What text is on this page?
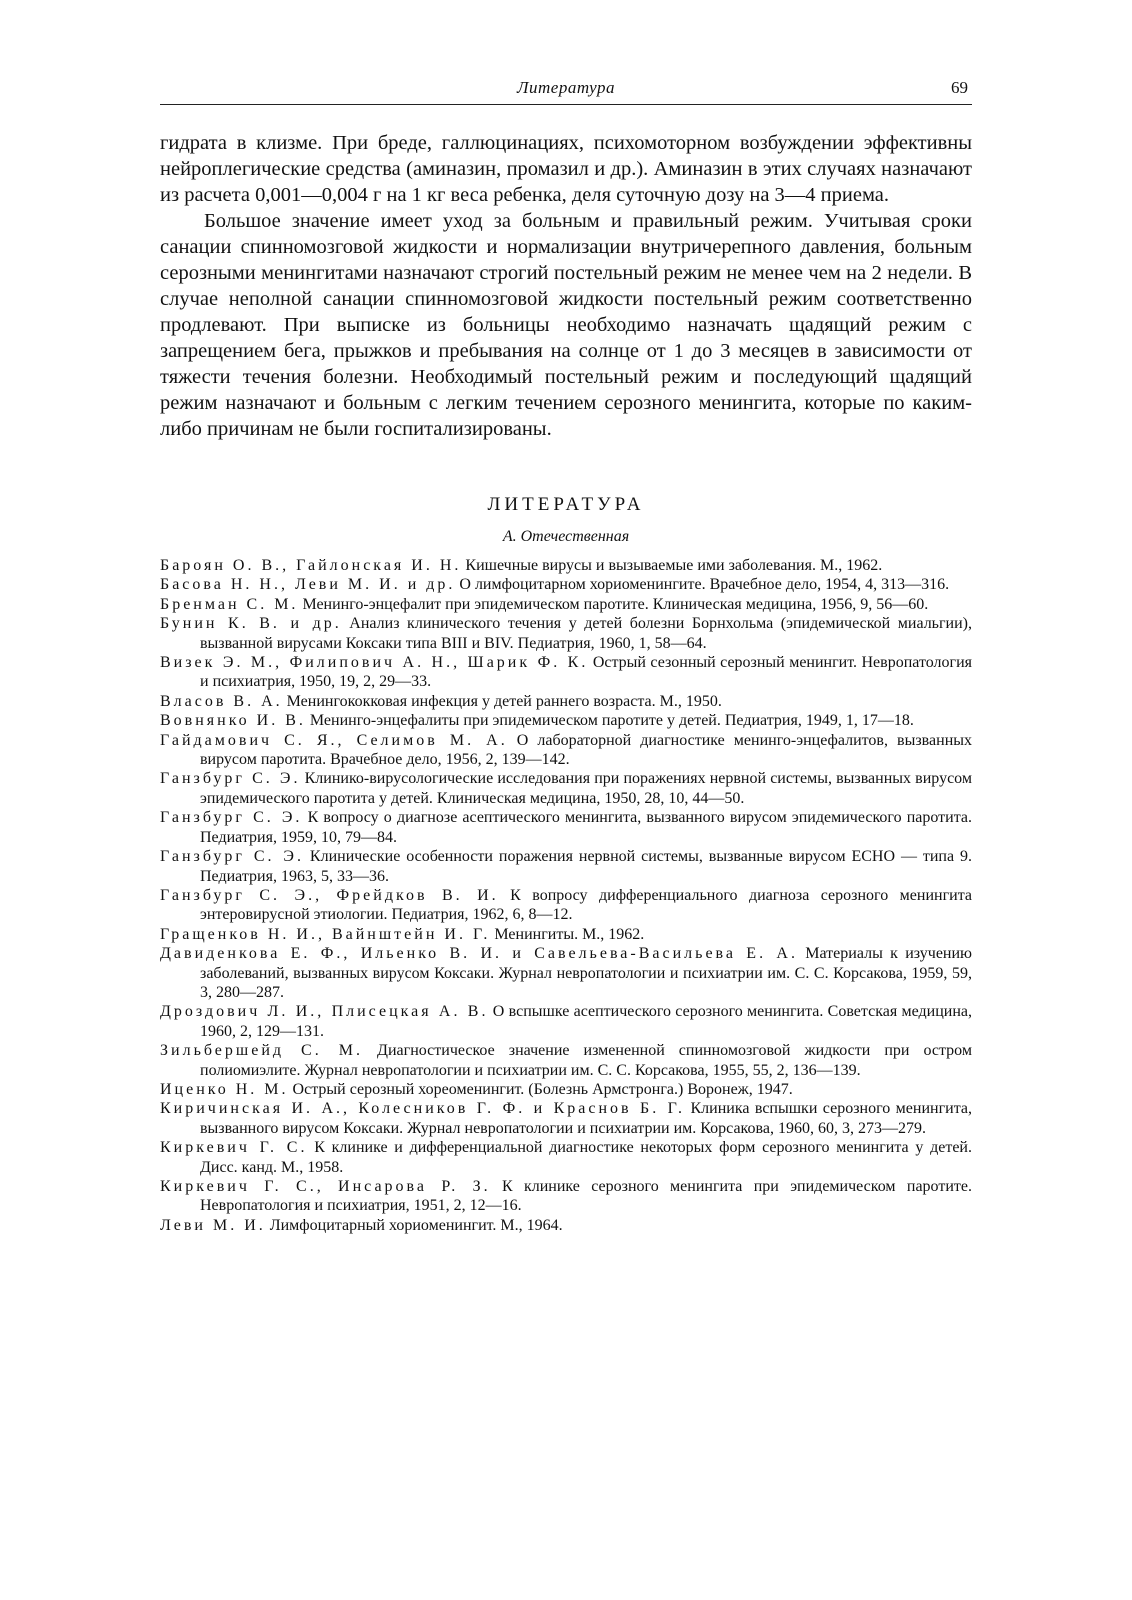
Литература	69

гидрата в клизме. При бреде, галлюцинациях, психомоторном возбуждении эффективны нейроплегические средства (аминазин, промазил и др.). Аминазин в этих случаях назначают из расчета 0,001—0,004 г на 1 кг веса ребенка, деля суточную дозу на 3—4 приема.

Большое значение имеет уход за больным и правильный режим. Учитывая сроки санации спинномозговой жидкости и нормализации внутричерепного давления, больным серозными менингитами назначают строгий постельный режим не менее чем на 2 недели. В случае неполной санации спинномозговой жидкости постельный режим соответственно продлевают. При выписке из больницы необходимо назначать щадящий режим с запрещением бега, прыжков и пребывания на солнце от 1 до 3 месяцев в зависимости от тяжести течения болезни. Необходимый постельный режим и последующий щадящий режим назначают и больным с легким течением серозного менингита, которые по каким-либо причинам не были госпитализированы.

ЛИТЕРАТУРА
А. Отечественная

Бароян О. В., Гайлонская И. Н. Кишечные вирусы и вызываемые ими заболевания. М., 1962.

Басова Н. Н., Леви М. И. и др. О лимфоцитарном хориоменингите. Врачебное дело, 1954, 4, 313—316.

Бренман С. М. Менинго-энцефалит при эпидемическом паротите. Клиническая медицина, 1956, 9, 56—60.

Бунин К. В. и др. Анализ клинического течения у детей болезни Борнхольма (эпидемической миальгии), вызванной вирусами Коксаки типа BIII и BIV. Педиатрия, 1960, 1, 58—64.

Визек Э. М., Филипович А. Н., Шарик Ф. К. Острый сезонный серозный менингит. Невропатология и психиатрия, 1950, 19, 2, 29—33.

Власов В. А. Менингококковая инфекция у детей раннего возраста. М., 1950.

Вовнянко И. В. Менинго-энцефалиты при эпидемическом паротите у детей. Педиатрия, 1949, 1, 17—18.

Гайдамович С. Я., Селимов М. А. О лабораторной диагностике менинго-энцефалитов, вызванных вирусом паротита. Врачебное дело, 1956, 2, 139—142.

Ганзбург С. Э. Клинико-вирусологические исследования при поражениях нервной системы, вызванных вирусом эпидемического паротита у детей. Клиническая медицина, 1950, 28, 10, 44—50.

Ганзбург С. Э. К вопросу о диагнозе асептического менингита, вызванного вирусом эпидемического паротита. Педиатрия, 1959, 10, 79—84.

Ганзбург С. Э. Клинические особенности поражения нервной системы, вызванные вирусом ECHO — типа 9. Педиатрия, 1963, 5, 33—36.

Ганзбург С. Э., Фрейдков В. И. К вопросу дифференциального диагноза серозного менингита энтеровирусной этиологии. Педиатрия, 1962, 6, 8—12.

Гращенков Н. И., Вайнштейн И. Г. Менингиты. М., 1962.

Давиденкова Е. Ф., Ильенко В. И. и Савельева-Васильева Е. А. Материалы к изучению заболеваний, вызванных вирусом Коксаки. Журнал невропатологии и психиатрии им. С. С. Корсакова, 1959, 59, 3, 280—287.

Дроздович Л. И., Плисецкая А. В. О вспышке асептического серозного менингита. Советская медицина, 1960, 2, 129—131.

Зильбершейд С. М. Диагностическое значение измененной спинномозговой жидкости при остром полиомиэлите. Журнал невропатологии и психиатрии им. С. С. Корсакова, 1955, 55, 2, 136—139.

Иценко Н. М. Острый серозный хореоменингит. (Болезнь Армстронга.) Воронеж, 1947.

Киричинская И. А., Колесников Г. Ф. и Краснов Б. Г. Клиника вспышки серозного менингита, вызванного вирусом Коксаки. Журнал невропатологии и психиатрии им. Корсакова, 1960, 60, 3, 273—279.

Киркевич Г. С. К клинике и дифференциальной диагностике некоторых форм серозного менингита у детей. Дисс. канд. М., 1958.

Киркевич Г. С., Инсарова Р. З. К клинике серозного менингита при эпидемическом паротите. Невропатология и психиатрия, 1951, 2, 12—16.

Леви М. И. Лимфоцитарный хориоменингит. М., 1964.
